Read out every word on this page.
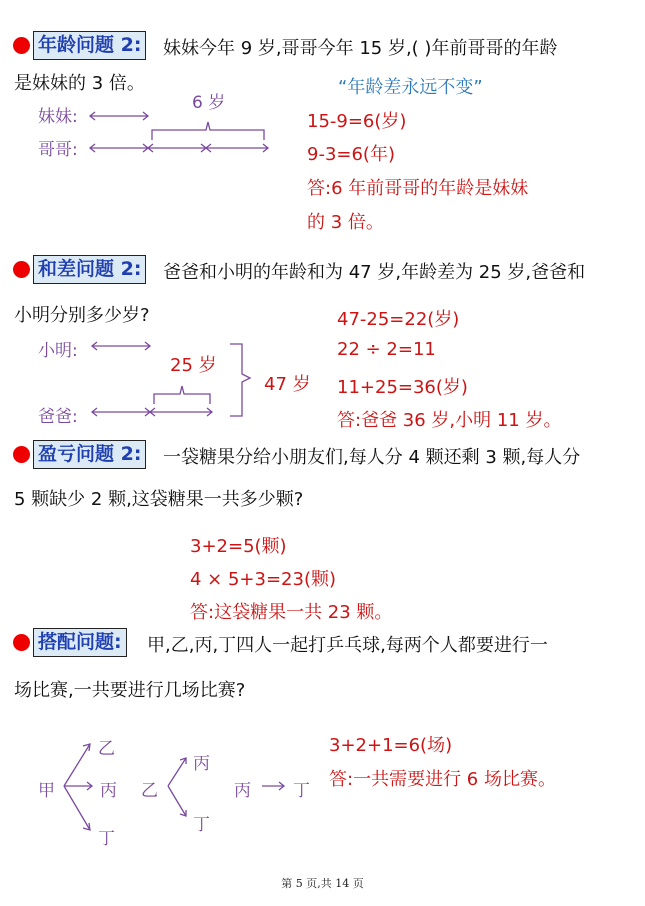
年龄问题 2: 妹妹今年 9 岁,哥哥今年 15 岁,( )年前哥哥的年龄
是妹妹的 3 倍。
妹妹:
哥哥:
6 岁
“年龄差永远不变”
15-9=6(岁)
9-3=6(年)
答:6 年前哥哥的年龄是妹妹
的 3 倍。
和差问题 2: 爸爸和小明的年龄和为 47 岁,年龄差为 25 岁,爸爸和
小明分别多少岁?
小明:
爸爸:
25 岁
47 岁
47-25=22(岁)
22 ÷ 2=11
11+25=36(岁)
答:爸爸 36 岁,小明 11 岁。
盈亏问题 2: 一袋糖果分给小朋友们,每人分 4 颗还剩 3 颗,每人分
5 颗缺少 2 颗,这袋糖果一共多少颗?
3+2=5(颗)
4 × 5+3=23(颗)
答:这袋糖果一共 23 颗。
搭配问题: 甲,乙,丙,丁四人一起打乒乓球,每两个人都要进行一
场比赛,一共要进行几场比赛?
甲
乙
丙
丁
乙
丙
丁
丙 丁
3+2+1=6(场)
答:一共需要进行 6 场比赛。
第 5 页,共 14 页
